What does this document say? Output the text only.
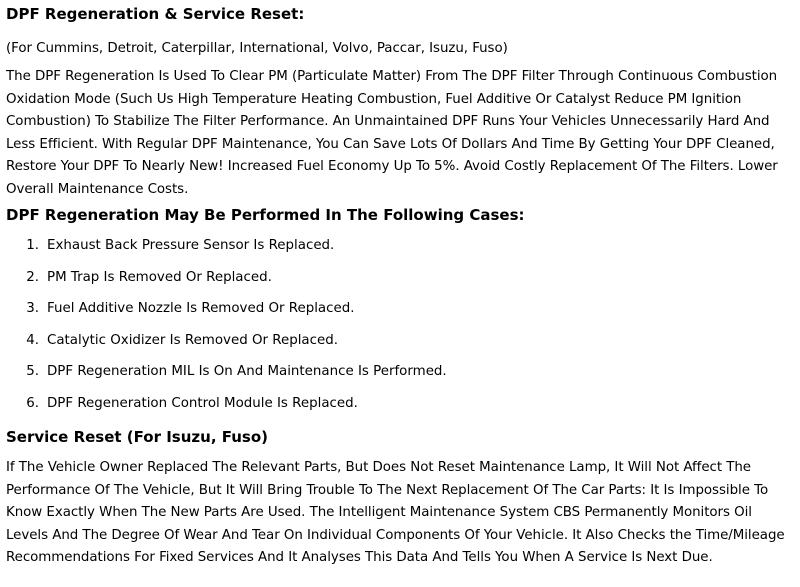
DPF Regeneration & Service Reset:

(For Cummins, Detroit, Caterpillar, International, Volvo, Paccar, Isuzu, Fuso)

The DPF Regeneration Is Used To Clear PM (Particulate Matter) From The DPF Filter Through Continuous Combustion Oxidation Mode (Such Us High Temperature Heating Combustion, Fuel Additive Or Catalyst Reduce PM Ignition Combustion) To Stabilize The Filter Performance. An Unmaintained DPF Runs Your Vehicles Unnecessarily Hard And Less Efficient. With Regular DPF Maintenance, You Can Save Lots Of Dollars And Time By Getting Your DPF Cleaned, Restore Your DPF To Nearly New! Increased Fuel Economy Up To 5%. Avoid Costly Replacement Of The Filters. Lower Overall Maintenance Costs.

DPF Regeneration May Be Performed In The Following Cases:
1. Exhaust Back Pressure Sensor Is Replaced.
2. PM Trap Is Removed Or Replaced.
3. Fuel Additive Nozzle Is Removed Or Replaced.
4. Catalytic Oxidizer Is Removed Or Replaced.
5. DPF Regeneration MIL Is On And Maintenance Is Performed.
6. DPF Regeneration Control Module Is Replaced.
Service Reset (For Isuzu, Fuso)

If The Vehicle Owner Replaced The Relevant Parts, But Does Not Reset Maintenance Lamp, It Will Not Affect The Performance Of The Vehicle, But It Will Bring Trouble To The Next Replacement Of The Car Parts: It Is Impossible To Know Exactly When The New Parts Are Used. The Intelligent Maintenance System CBS Permanently Monitors Oil Levels And The Degree Of Wear And Tear On Individual Components Of Your Vehicle. It Also Checks the Time/Mileage Recommendations For Fixed Services And It Analyses This Data And Tells You When A Service Is Next Due.
